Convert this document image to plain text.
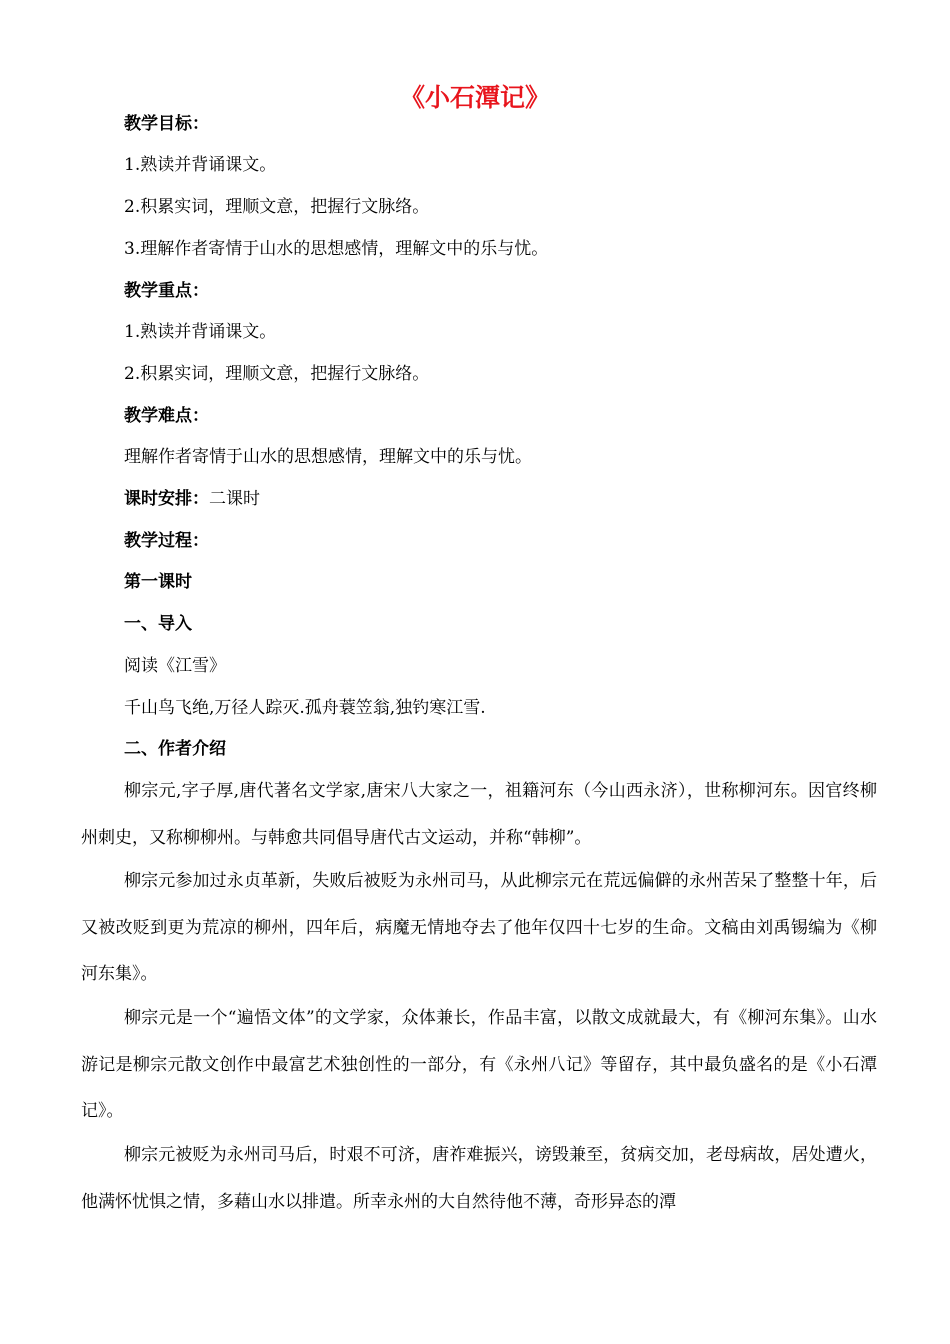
《小石潭记》
教学目标：
1.熟读并背诵课文。
2.积累实词，理顺文意，把握行文脉络。
3.理解作者寄情于山水的思想感情，理解文中的乐与忧。
教学重点：
1.熟读并背诵课文。
2.积累实词，理顺文意，把握行文脉络。
教学难点：
理解作者寄情于山水的思想感情，理解文中的乐与忧。
课时安排：二课时
教学过程：
第一课时
一、导入
阅读《江雪》
千山鸟飞绝,万径人踪灭.孤舟蓑笠翁,独钓寒江雪.
二、作者介绍
柳宗元,字子厚,唐代著名文学家,唐宋八大家之一，祖籍河东（今山西永济），世称柳河东。因官终柳州刺史，又称柳柳州。与韩愈共同倡导唐代古文运动，并称“韩柳”。
柳宗元参加过永贞革新，失败后被贬为永州司马，从此柳宗元在荒远偏僻的永州苦呆了整整十年，后又被改贬到更为荒凉的柳州，四年后，病魔无情地夺去了他年仅四十七岁的生命。文稿由刘禹锡编为《柳河东集》。
柳宗元是一个“遍悟文体”的文学家，众体兼长，作品丰富，以散文成就最大，有《柳河东集》。山水游记是柳宗元散文创作中最富艺术独创性的一部分，有《永州八记》等留存，其中最负盛名的是《小石潭记》。
柳宗元被贬为永州司马后，时艰不可济，唐祚难振兴，谤毁兼至，贫病交加，老母病故，居处遭火，他满怀忧惧之情，多藉山水以排遣。所幸永州的大自然待他不薄，奇形异态的潭
